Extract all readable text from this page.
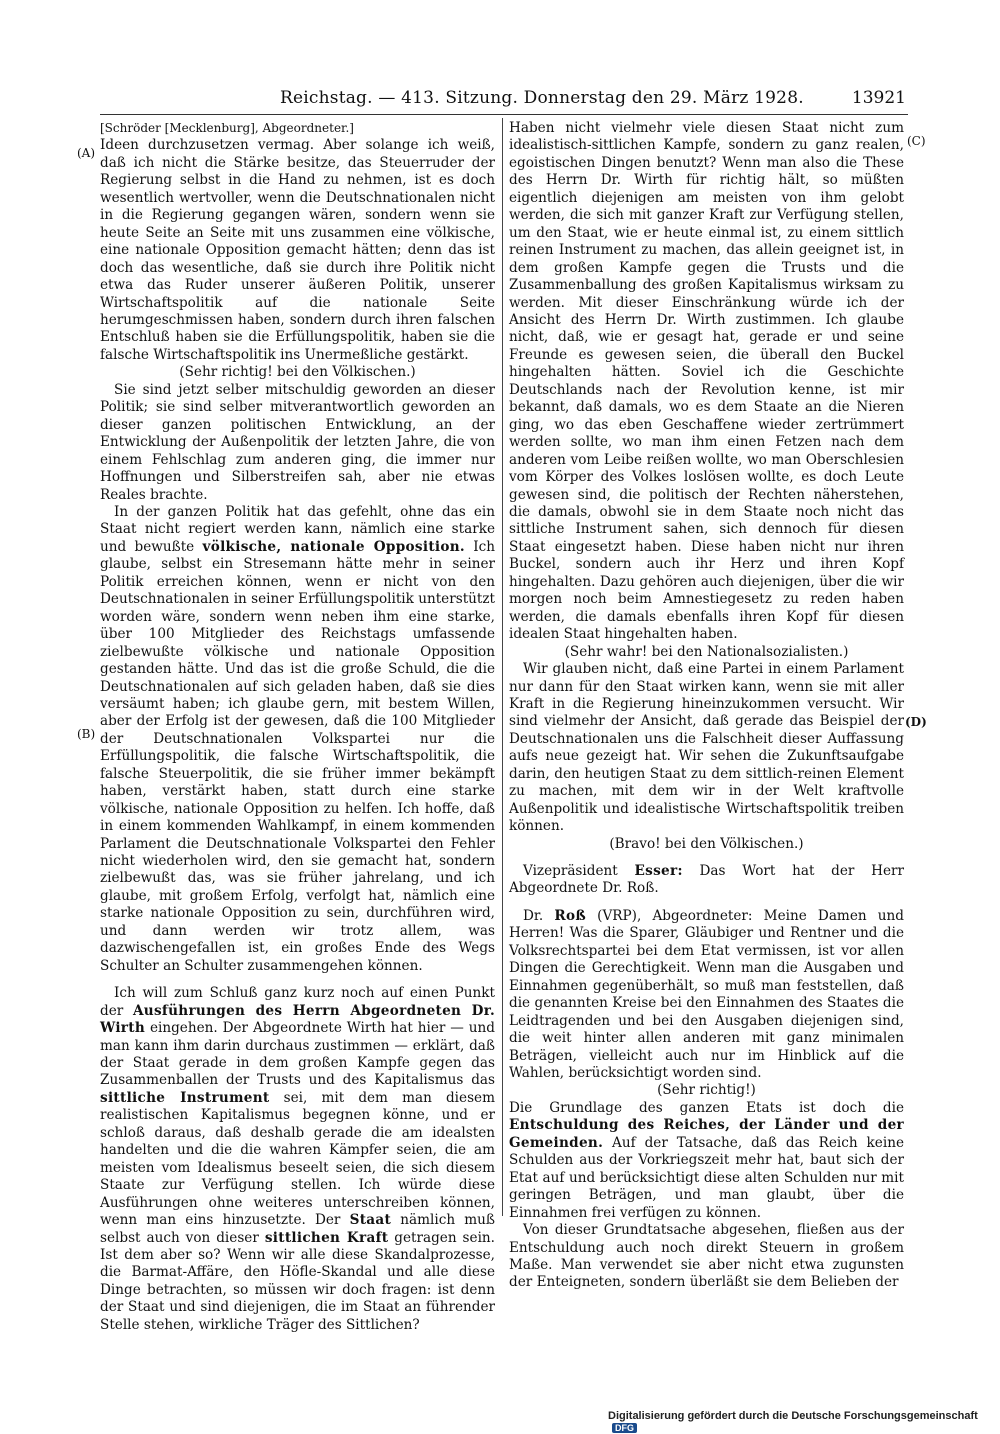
Reichstag. — 413. Sitzung. Donnerstag den 29. März 1928.	13921
(A)
(B)
(C)
(D)

[Schröder [Mecklenburg], Abgeordneter.]

Ideen durchzusetzen vermag. Aber solange ich weiß, daß ich nicht die Stärke besitze, das Steuerruder der Regierung selbst in die Hand zu nehmen, ist es doch wesentlich wertvoller, wenn die Deutschnationalen nicht in die Regierung gegangen wären, sondern wenn sie heute Seite an Seite mit uns zusammen eine völkische, eine nationale Opposition gemacht hätten; denn das ist doch das wesentliche, daß sie durch ihre Politik nicht etwa das Ruder unserer äußeren Politik, unserer Wirtschaftspolitik auf die nationale Seite herumgeschmissen haben, sondern durch ihren falschen Entschluß haben sie die Erfüllungspolitik, haben sie die falsche Wirtschaftspolitik ins Unermeßliche gestärkt.

(Sehr richtig! bei den Völkischen.)

Sie sind jetzt selber mitschuldig geworden an dieser Politik; sie sind selber mitverantwortlich geworden an dieser ganzen politischen Entwicklung, an der Entwicklung der Außenpolitik der letzten Jahre, die von einem Fehlschlag zum anderen ging, die immer nur Hoffnungen und Silberstreifen sah, aber nie etwas Reales brachte.

In der ganzen Politik hat das gefehlt, ohne das ein Staat nicht regiert werden kann, nämlich eine starke und bewußte völkische, nationale Opposition. Ich glaube, selbst ein Stresemann hätte mehr in seiner Politik erreichen können, wenn er nicht von den Deutschnationalen in seiner Erfüllungspolitik unterstützt worden wäre, sondern wenn neben ihm eine starke, über 100 Mitglieder des Reichstags umfassende zielbewußte völkische und nationale Opposition gestanden hätte. Und das ist die große Schuld, die die Deutschnationalen auf sich geladen haben, daß sie dies versäumt haben; ich glaube gern, mit bestem Willen, aber der Erfolg ist der gewesen, daß die 100 Mitglieder der Deutschnationalen Volkspartei nur die Erfüllungspolitik, die falsche Wirtschaftspolitik, die falsche Steuerpolitik, die sie früher immer bekämpft haben, verstärkt haben, statt durch eine starke völkische, nationale Opposition zu helfen. Ich hoffe, daß in einem kommenden Wahlkampf, in einem kommenden Parlament die Deutschnationale Volkspartei den Fehler nicht wiederholen wird, den sie gemacht hat, sondern zielbewußt das, was sie früher jahrelang, und ich glaube, mit großem Erfolg, verfolgt hat, nämlich eine starke nationale Opposition zu sein, durchführen wird, und dann werden wir trotz allem, was dazwischengefallen ist, ein großes Ende des Wegs Schulter an Schulter zusammengehen können.

Ich will zum Schluß ganz kurz noch auf einen Punkt der Ausführungen des Herrn Abgeordneten Dr. Wirth eingehen. Der Abgeordnete Wirth hat hier — und man kann ihm darin durchaus zustimmen — erklärt, daß der Staat gerade in dem großen Kampfe gegen das Zusammenballen der Trusts und des Kapitalismus das sittliche Instrument sei, mit dem man diesem realistischen Kapitalismus begegnen könne, und er schloß daraus, daß deshalb gerade die am idealsten handelten und die die wahren Kämpfer seien, die am meisten vom Idealismus beseelt seien, die sich diesem Staate zur Verfügung stellen. Ich würde diese Ausführungen ohne weiteres unterschreiben können, wenn man eins hinzusetzte. Der Staat nämlich muß selbst auch von dieser sittlichen Kraft getragen sein. Ist dem aber so? Wenn wir alle diese Skandalprozesse, die Barmat-Affäre, den Höfle-Skandal und alle diese Dinge betrachten, so müssen wir doch fragen: ist denn der Staat und sind diejenigen, die im Staat an führender Stelle stehen, wirkliche Träger des Sittlichen?

Haben nicht vielmehr viele diesen Staat nicht zum idealistisch-sittlichen Kampfe, sondern zu ganz realen, egoistischen Dingen benutzt? Wenn man also die These des Herrn Dr. Wirth für richtig hält, so müßten eigentlich diejenigen am meisten von ihm gelobt werden, die sich mit ganzer Kraft zur Verfügung stellen, um den Staat, wie er heute einmal ist, zu einem sittlich reinen Instrument zu machen, das allein geeignet ist, in dem großen Kampfe gegen die Trusts und die Zusammenballung des großen Kapitalismus wirksam zu werden. Mit dieser Einschränkung würde ich der Ansicht des Herrn Dr. Wirth zustimmen. Ich glaube nicht, daß, wie er gesagt hat, gerade er und seine Freunde es gewesen seien, die überall den Buckel hingehalten hätten. Soviel ich die Geschichte Deutschlands nach der Revolution kenne, ist mir bekannt, daß damals, wo es dem Staate an die Nieren ging, wo das eben Geschaffene wieder zertrümmert werden sollte, wo man ihm einen Fetzen nach dem anderen vom Leibe reißen wollte, wo man Oberschlesien vom Körper des Volkes loslösen wollte, es doch Leute gewesen sind, die politisch der Rechten näherstehen, die damals, obwohl sie in dem Staate noch nicht das sittliche Instrument sahen, sich dennoch für diesen Staat eingesetzt haben. Diese haben nicht nur ihren Buckel, sondern auch ihr Herz und ihren Kopf hingehalten. Dazu gehören auch diejenigen, über die wir morgen noch beim Amnestiegesetz zu reden haben werden, die damals ebenfalls ihren Kopf für diesen idealen Staat hingehalten haben.

(Sehr wahr! bei den Nationalsozialisten.)

Wir glauben nicht, daß eine Partei in einem Parlament nur dann für den Staat wirken kann, wenn sie mit aller Kraft in die Regierung hineinzukommen versucht. Wir sind vielmehr der Ansicht, daß gerade das Beispiel der Deutschnationalen uns die Falschheit dieser Auffassung aufs neue gezeigt hat. Wir sehen die Zukunftsaufgabe darin, den heutigen Staat zu dem sittlich-reinen Element zu machen, mit dem wir in der Welt kraftvolle Außenpolitik und idealistische Wirtschaftspolitik treiben können.

(Bravo! bei den Völkischen.)

Vizepräsident Esser: Das Wort hat der Herr Abgeordnete Dr. Roß.

Dr. Roß (VRP), Abgeordneter: Meine Damen und Herren! Was die Sparer, Gläubiger und Rentner und die Volksrechtspartei bei dem Etat vermissen, ist vor allen Dingen die Gerechtigkeit. Wenn man die Ausgaben und Einnahmen gegenüberhält, so muß man feststellen, daß die genannten Kreise bei den Einnahmen des Staates die Leidtragenden und bei den Ausgaben diejenigen sind, die weit hinter allen anderen mit ganz minimalen Beträgen, vielleicht auch nur im Hinblick auf die Wahlen, berücksichtigt worden sind.

(Sehr richtig!)

Die Grundlage des ganzen Etats ist doch die Entschuldung des Reiches, der Länder und der Gemeinden. Auf der Tatsache, daß das Reich keine Schulden aus der Vorkriegszeit mehr hat, baut sich der Etat auf und berücksichtigt diese alten Schulden nur mit geringen Beträgen, und man glaubt, über die Einnahmen frei verfügen zu können.

Von dieser Grundtatsache abgesehen, fließen aus der Entschuldung auch noch direkt Steuern in großem Maße. Man verwendet sie aber nicht etwa zugunsten der Enteigneten, sondern überläßt sie dem Belieben der

Digitalisierung gefördert durch die Deutsche ForschungsgemeinschaftDFG
